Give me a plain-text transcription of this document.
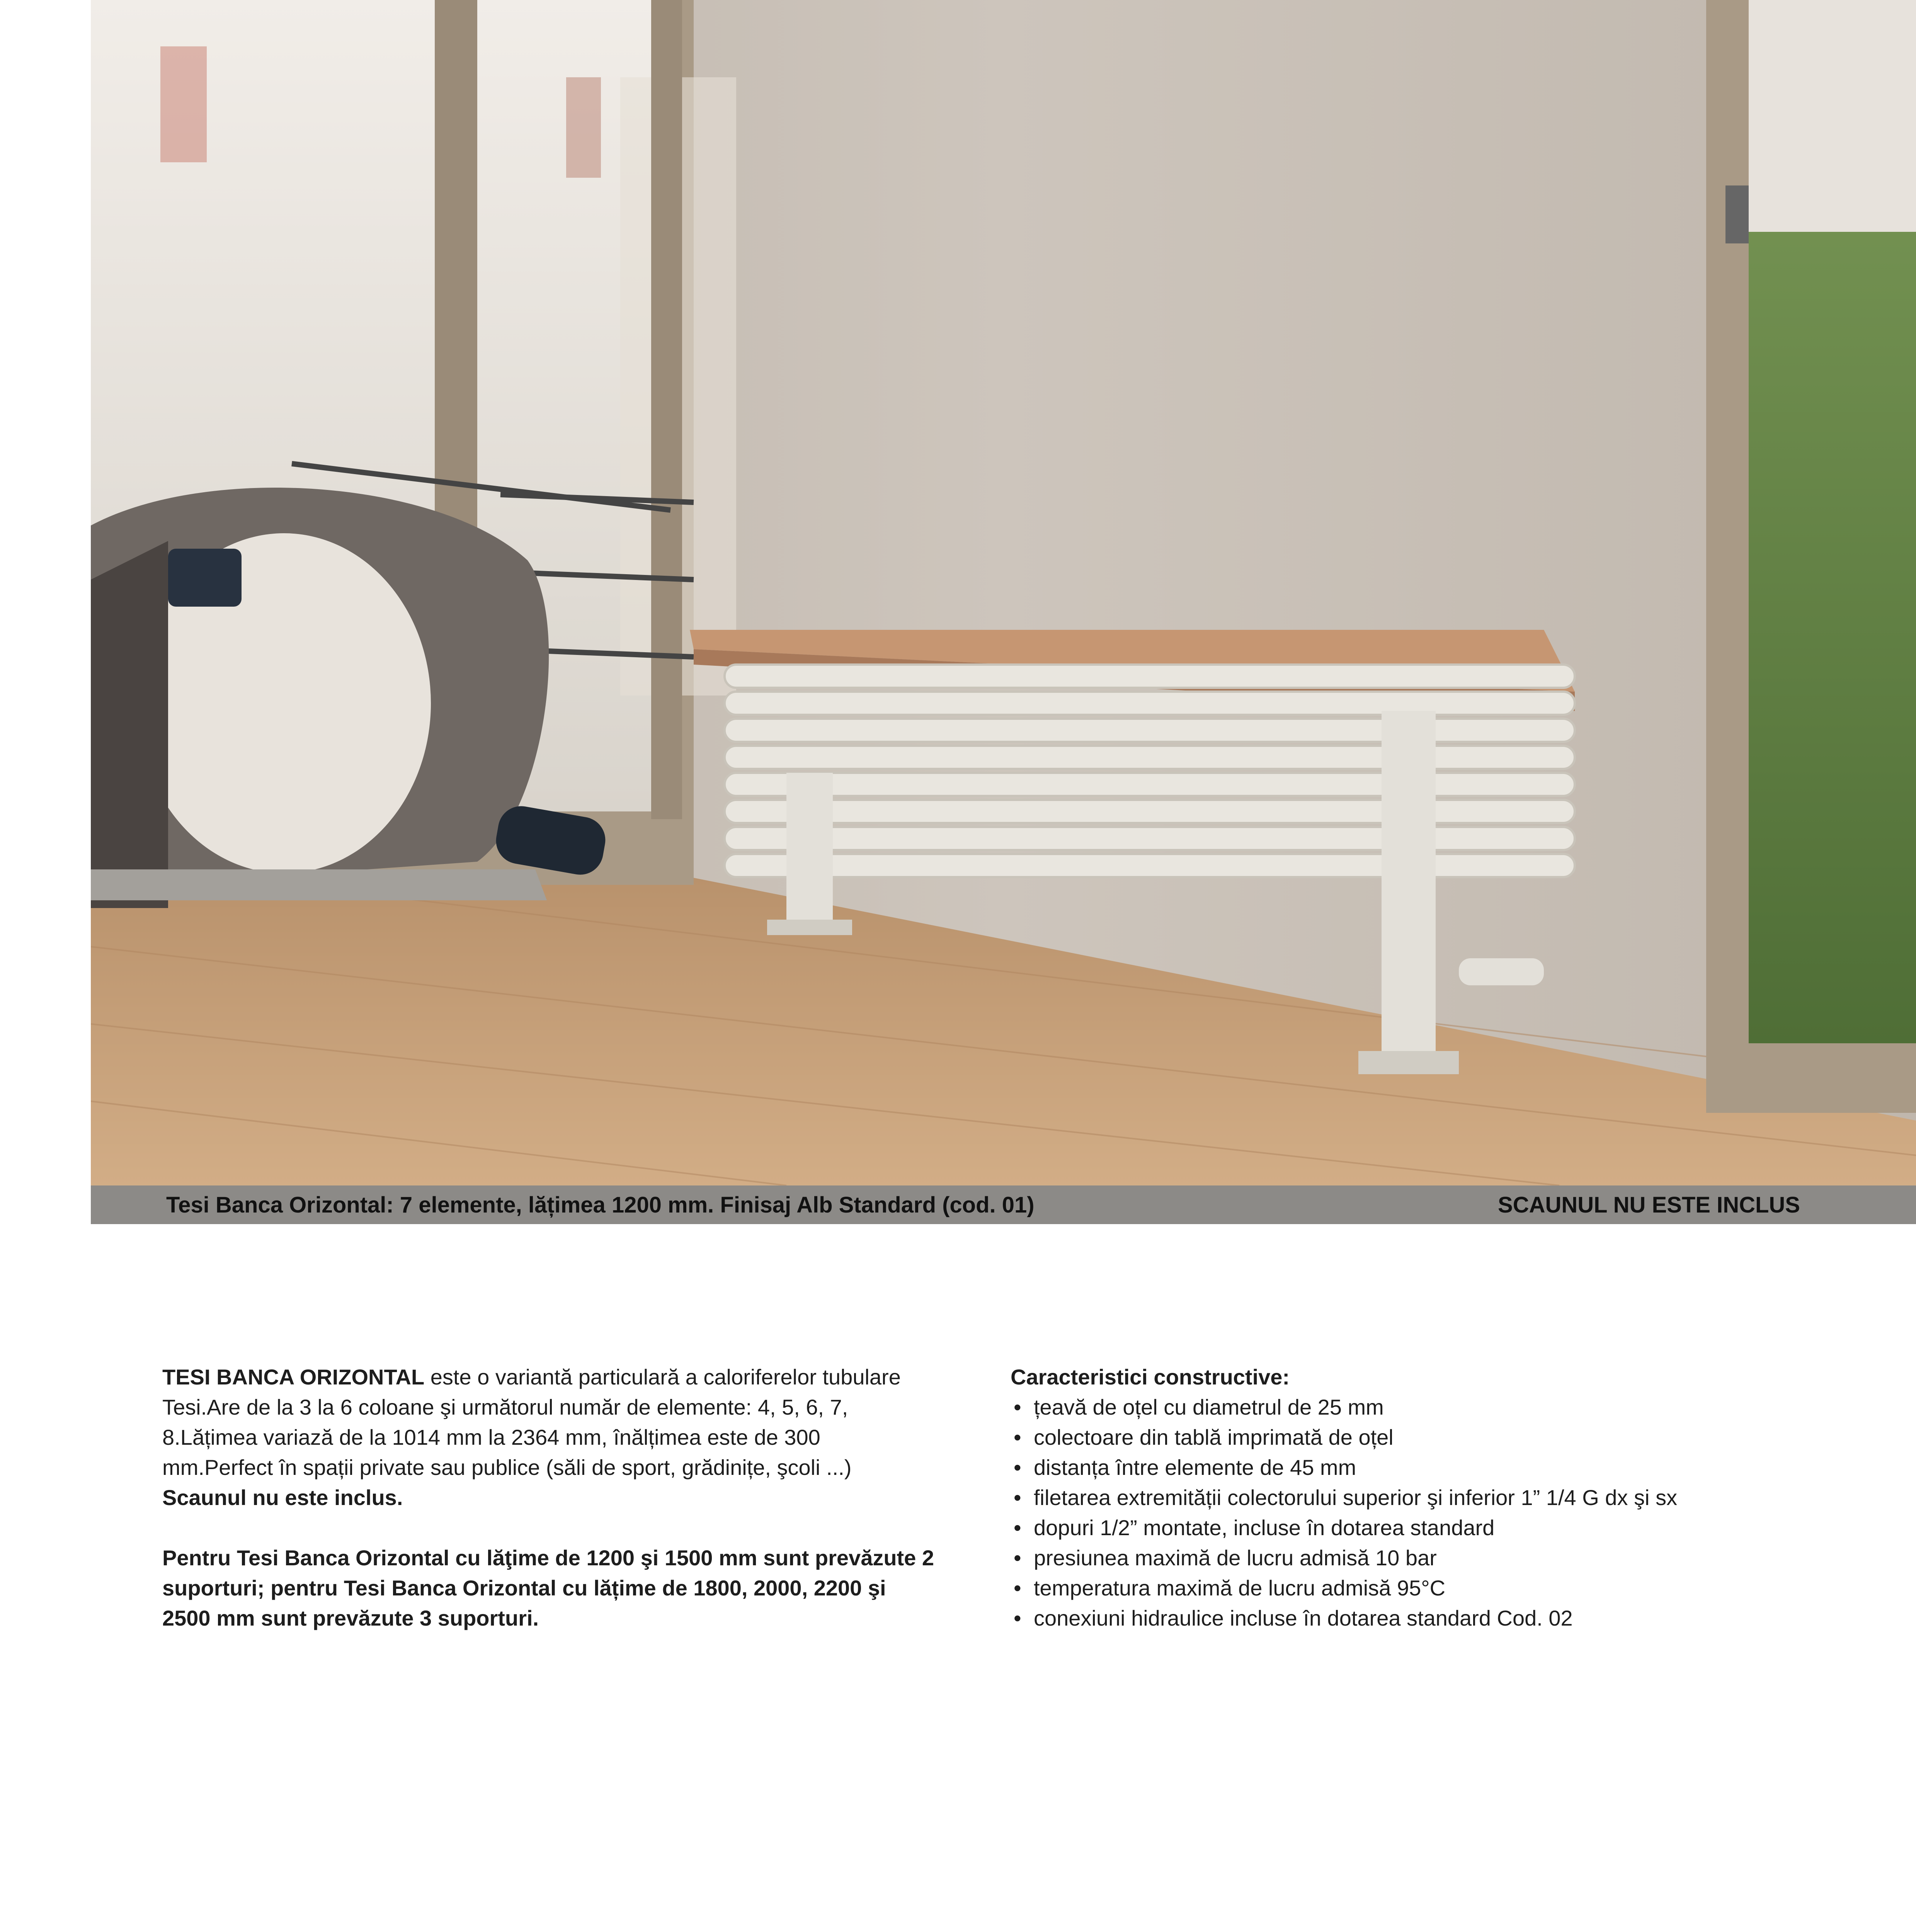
Tesi Banca Orizontal: 7 elemente, lățimea 1200 mm. Finisaj Alb Standard (cod. 01)	SCAUNUL NU ESTE INCLUS
TESI BANCA ORIZONTAL este o variantă particulară a caloriferelor tubulare Tesi.Are de la 3 la 6 coloane şi următorul număr de elemente: 4, 5, 6, 7, 8.Lățimea variază de la 1014 mm la 2364 mm, înălțimea este de 300 mm.Perfect în spații private sau publice (săli de sport, grădinițe, şcoli ...)
Scaunul nu este inclus.
Pentru Tesi Banca Orizontal cu lăţime de 1200 şi 1500 mm sunt prevăzute 2 suporturi; pentru Tesi Banca Orizontal cu lățime de 1800, 2000, 2200 şi 2500 mm sunt prevăzute 3 suporturi.
Caracteristici constructive:
• țeavă de oțel cu diametrul de 25 mm
• colectoare din tablă imprimată de oțel
• distanța între elemente de 45 mm
• filetarea extremității colectorului superior şi inferior 1” 1/4 G dx şi sx
• dopuri 1/2” montate, incluse în dotarea standard
• presiunea maximă de lucru admisă 10 bar
• temperatura maximă de lucru admisă 95°C
• conexiuni hidraulice incluse în dotarea standard Cod. 02
